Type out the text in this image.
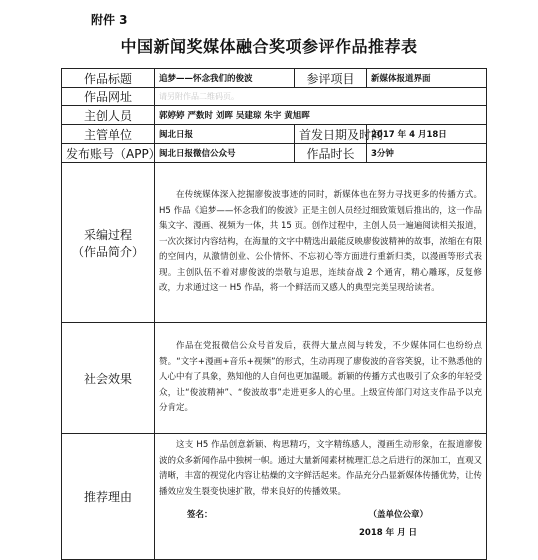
附件 3
中国新闻奖媒体融合奖项参评作品推荐表
作品标题	追梦——怀念我们的俊波	参评项目	新媒体报道界面
作品网址	请另附作品二维码页。		
主创人员	郭婷婷 严数时 刘晖 吴建琼 朱宇 黄旭晖		
主管单位	闽北日报	首发日期及时间	2017 年 4 月18日
发布账号（APP）	闽北日报微信公众号	作品时长	3分钟

采编过程
（作品简介）	在传统媒体深入挖掘廖俊波事迹的同时，新媒体也在努力寻找更多的传播方式。H5 作品《追梦——怀念我们的俊波》正是主创人员经过细致策划后推出的，这一作品集文字、漫画、视频为一体，共 15 页。创作过程中，主创人员一遍遍阅读相关报道，一次次探讨内容结构，在海量的文字中精选出最能反映廖俊波精神的故事，浓缩在有限的空间内，从激情创业、公仆情怀、不忘初心等方面进行重新归类，以漫画等形式表现。主创队伍不着对廖俊波的崇敬与追思，连续奋战 2 个通宵，精心雕琢，反复修改，力求通过这一 H5 作品，将一个鲜活而又感人的典型完美呈现给读者。		

社会效果	作品在党报微信公众号首发后，获得大量点阅与转发，不少媒体同仁也纷纷点赞。“文字+漫画+音乐+视频”的形式，生动再现了廖俊波的音容笑貌，让不熟悉他的人心中有了具象，熟知他的人自何也更加温暖。新颖的传播方式也吸引了众多的年轻受众，让“俊波精神”、“俊波故事”走进更多人的心里。上级宣传部门对这支作品予以充分肯定。		

推荐理由	这支 H5 作品创意新颖、构思精巧，文字精练感人，漫画生动形象，在报道廖俊波的众多新闻作品中独树一帜。通过大量新闻素材梳理汇总之后进行的深加工，直观又清晰，丰富的视觉化内容让枯燥的文字鲜活起来。作品充分凸显新媒体传播优势，让传播效应发生裂变快速扩散，带来良好的传播效果。

签名： （盖单位公章）
2018 年 月 日		
